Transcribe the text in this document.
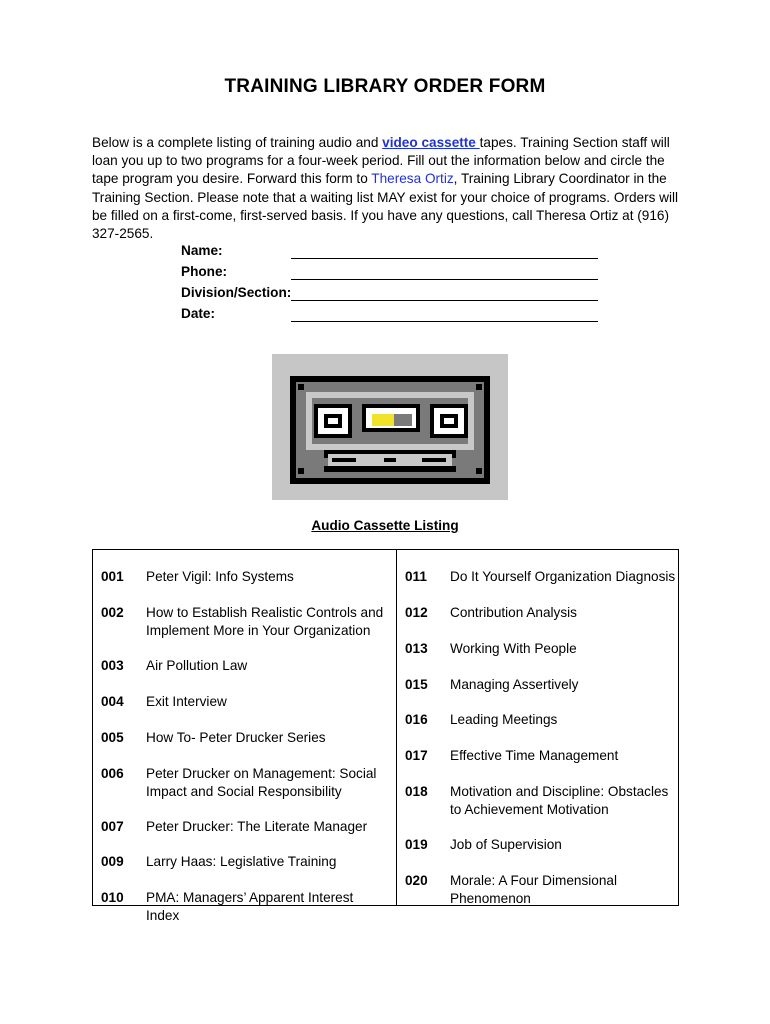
TRAINING LIBRARY ORDER FORM
Below is a complete listing of training audio and video cassette tapes. Training Section staff will loan you up to two programs for a four-week period. Fill out the information below and circle the tape program you desire. Forward this form to Theresa Ortiz, Training Library Coordinator in the Training Section. Please note that a waiting list MAY exist for your choice of programs. Orders will be filled on a first-come, first-served basis. If you have any questions, call Theresa Ortiz at (916) 327-2565.
Name:
Phone:
Division/Section:
Date:
Audio Cassette Listing
001 Peter Vigil: Info Systems
002 How to Establish Realistic Controls and Implement More in Your Organization
003 Air Pollution Law
004 Exit Interview
005 How To- Peter Drucker Series
006 Peter Drucker on Management: Social Impact and Social Responsibility
007 Peter Drucker: The Literate Manager
009 Larry Haas: Legislative Training
010 PMA: Managers’ Apparent Interest Index
011 Do It Yourself Organization Diagnosis
012 Contribution Analysis
013 Working With People
015 Managing Assertively
016 Leading Meetings
017 Effective Time Management
018 Motivation and Discipline: Obstacles to Achievement Motivation
019 Job of Supervision
020 Morale: A Four Dimensional Phenomenon
